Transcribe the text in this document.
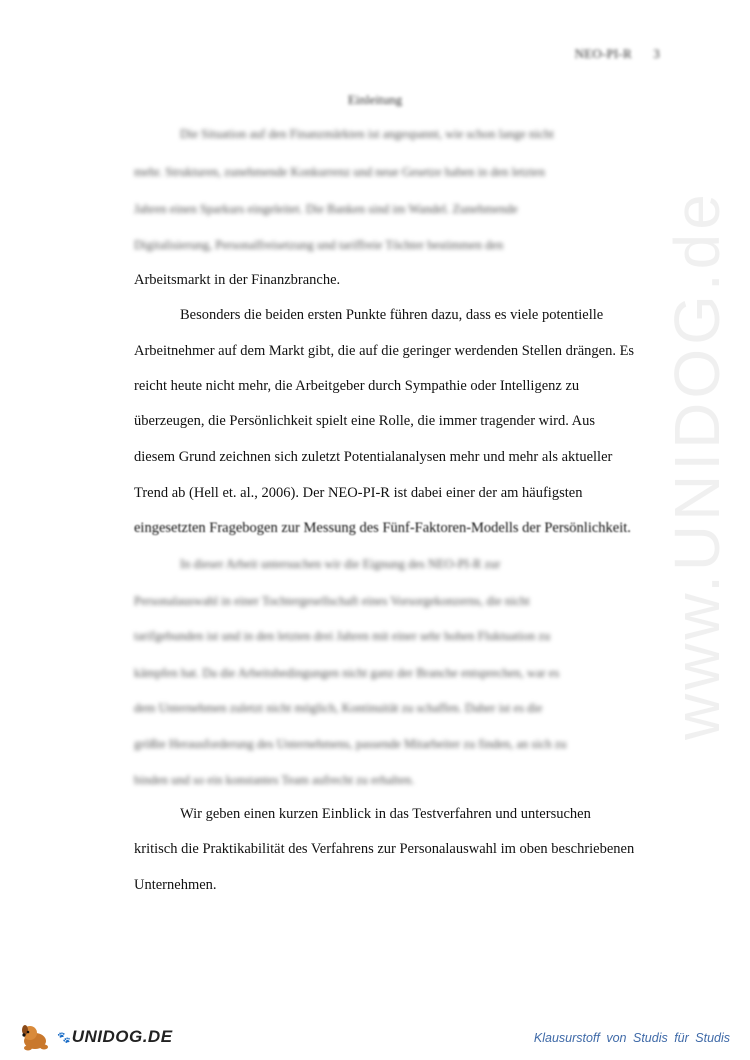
NEO-PI-R 3
Einleitung
Die Situation auf den Finanzmärkten ist angespannt, wie schon lange nicht
mehr. Strukturen, zunehmende Konkurrenz und neue Gesetze haben in den letzten
Jahren einen Sparkurs eingeleitet. Die Banken sind im Wandel. Zunehmende
Digitalisierung, Personalfreisetzung und tariffreie Töchter bestimmen den
Arbeitsmarkt in der Finanzbranche.
Besonders die beiden ersten Punkte führen dazu, dass es viele potentielle
Arbeitnehmer auf dem Markt gibt, die auf die geringer werdenden Stellen drängen. Es
reicht heute nicht mehr, die Arbeitgeber durch Sympathie oder Intelligenz zu
überzeugen, die Persönlichkeit spielt eine Rolle, die immer tragender wird. Aus
diesem Grund zeichnen sich zuletzt Potentialanalysen mehr und mehr als aktueller
Trend ab (Hell et. al., 2006). Der NEO-PI-R ist dabei einer der am häufigsten
eingesetzten Fragebogen zur Messung des Fünf-Faktoren-Modells der Persönlichkeit.
In dieser Arbeit untersuchen wir die Eignung des NEO-PI-R zur
Personalauswahl in einer Tochtergesellschaft eines Vorsorgekonzerns, die nicht
tarifgebunden ist und in den letzten drei Jahren mit einer sehr hohen Fluktuation zu
kämpfen hat. Da die Arbeitsbedingungen nicht ganz der Branche entsprechen, war es
dem Unternehmen zuletzt nicht möglich, Kontinuität zu schaffen. Daher ist es die
größte Herausforderung des Unternehmens, passende Mitarbeiter zu finden, an sich zu
binden und so ein konstantes Team aufrecht zu erhalten.
Wir geben einen kurzen Einblick in das Testverfahren und untersuchen
kritisch die Praktikabilität des Verfahrens zur Personalauswahl im oben beschriebenen
Unternehmen.
www.UNIDOG.de
🐾 UNIDOG.DE	Klausurstoff von Studis für Studis
